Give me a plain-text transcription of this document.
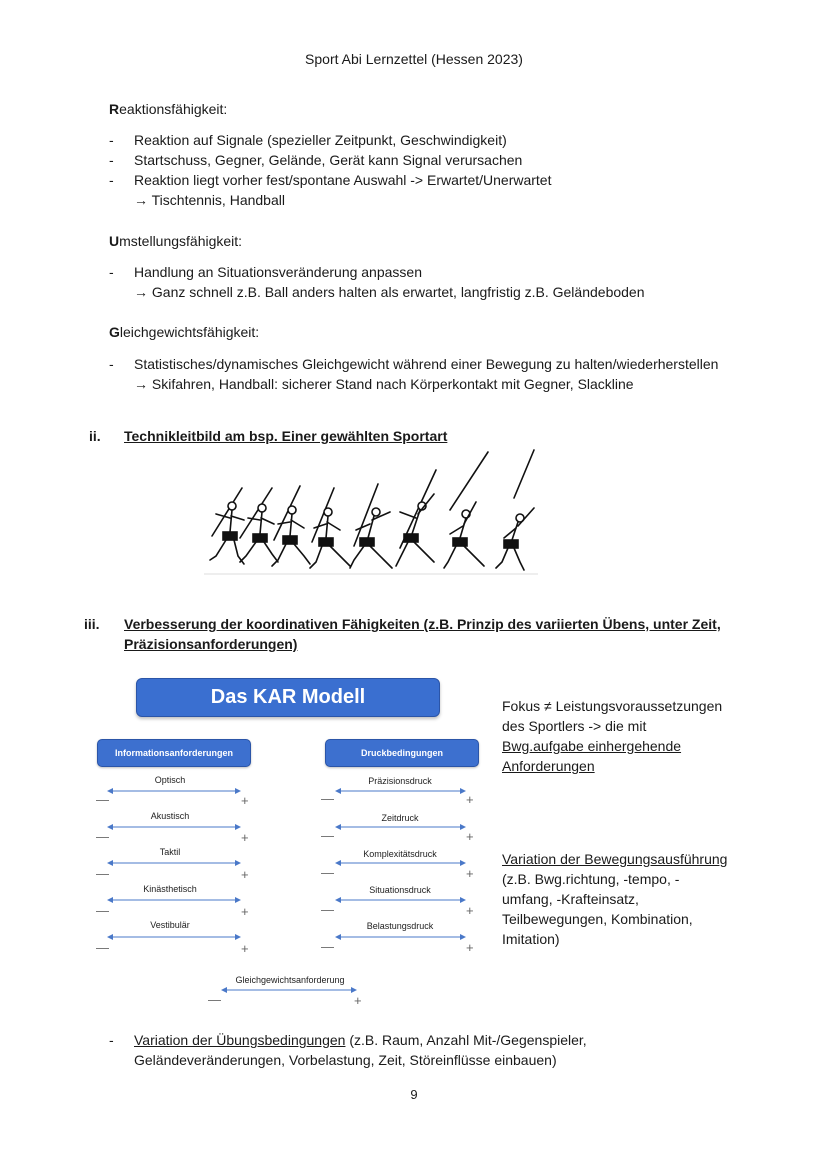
Sport Abi Lernzettel (Hessen 2023)
Reaktionsfähigkeit:
- Reaktion auf Signale (spezieller Zeitpunkt, Geschwindigkeit)
- Startschuss, Gegner, Gelände, Gerät kann Signal verursachen
- Reaktion liegt vorher fest/spontane Auswahl -> Erwartet/Unerwartet
→ Tischtennis, Handball
Umstellungsfähigkeit:
- Handlung an Situationsveränderung anpassen
→ Ganz schnell z.B. Ball anders halten als erwartet, langfristig z.B. Geländeboden
Gleichgewichtsfähigkeit:
- Statistisches/dynamisches Gleichgewicht während einer Bewegung zu halten/wiederherstellen
→ Skifahren, Handball: sicherer Stand nach Körperkontakt mit Gegner, Slackline
ii. Technikleitbild am bsp. Einer gewählten Sportart
iii. Verbesserung der koordinativen Fähigkeiten (z.B. Prinzip des variierten Übens, unter Zeit,
Präzisionsanforderungen)
Das KAR Modell
Informationsanforderungen	Druckbedingungen
Optisch
Akustisch
Taktil
Kinästhetisch
Vestibulär
Präzisionsdruck
Zeitdruck
Komplexitätsdruck
Situationsdruck
Belastungsdruck
Gleichgewichtsanforderung
—	+
—	+
—	+
—	+
—	+
—	+
—	+
—	+
—	+
—	+
—	+
Fokus ≠ Leistungsvoraussetzungen
des Sportlers -> die mit
Bwg.aufgabe einhergehende
Anforderungen
Variation der Bewegungsausführung
(z.B. Bwg.richtung, -tempo, -
umfang, -Krafteinsatz,
Teilbewegungen, Kombination,
Imitation)
- Variation der Übungsbedingungen (z.B. Raum, Anzahl Mit-/Gegenspieler,
Geländeveränderungen, Vorbelastung, Zeit, Störeinflüsse einbauen)
9
